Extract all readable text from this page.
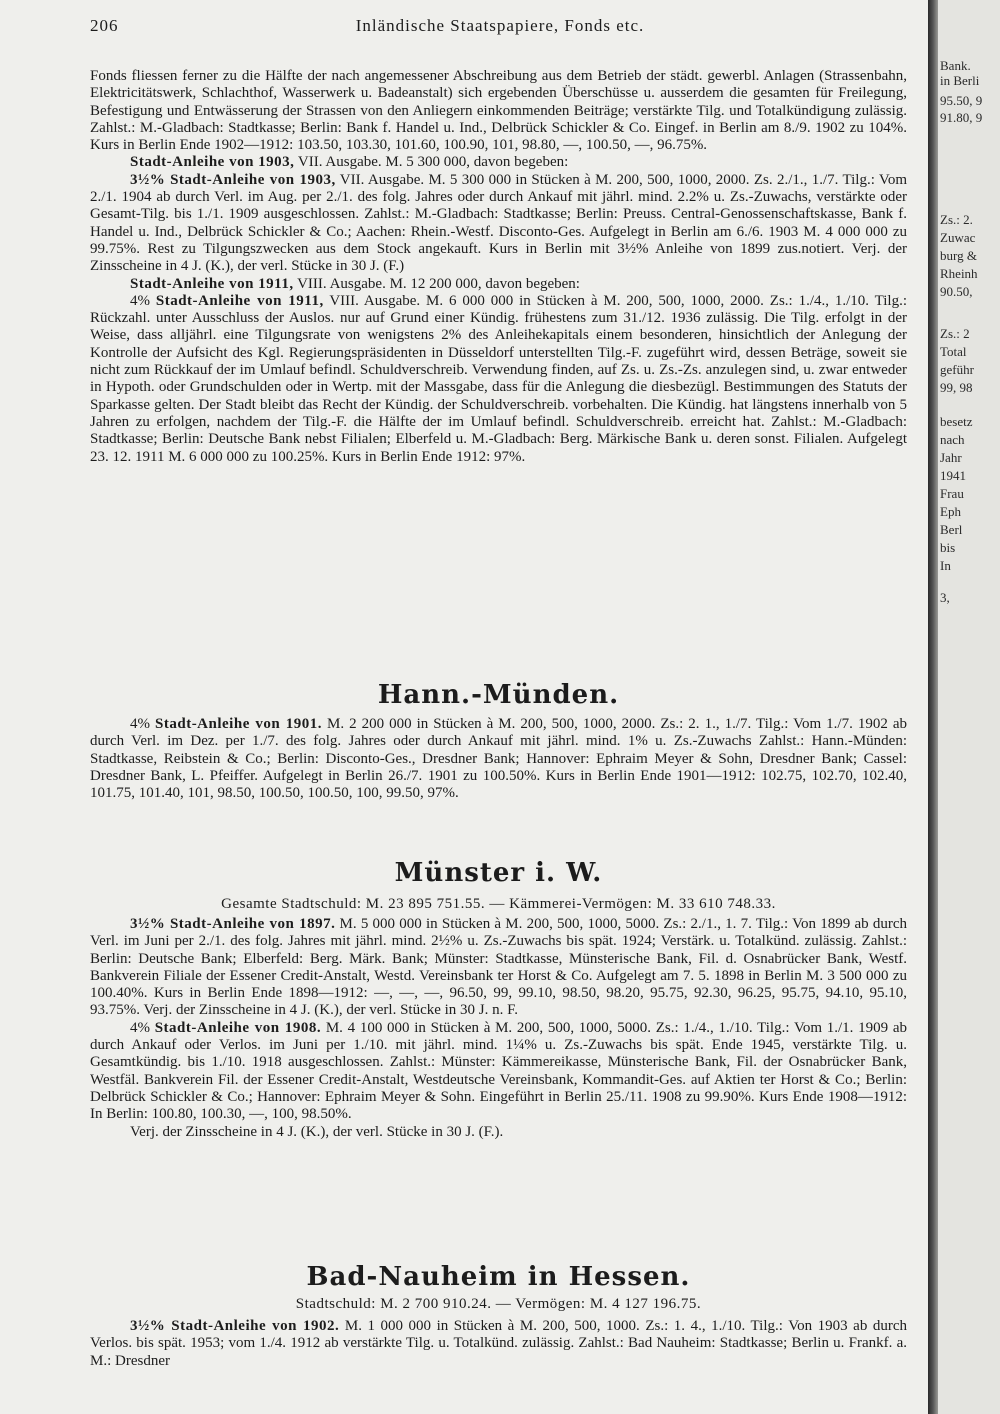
206	Inländische Staatspapiere, Fonds etc.

Fonds fliessen ferner zu die Hälfte der nach angemessener Abschreibung aus dem Betrieb der städt. gewerbl. Anlagen (Strassenbahn, Elektricitätswerk, Schlachthof, Wasserwerk u. Badeanstalt) sich ergebenden Überschüsse u. ausserdem die gesamten für Freilegung, Befestigung und Entwässerung der Strassen von den Anliegern einkommenden Beiträge; verstärkte Tilg. und Totalkündigung zulässig. Zahlst.: M.-Gladbach: Stadtkasse; Berlin: Bank f. Handel u. Ind., Delbrück Schickler & Co. Eingef. in Berlin am 8./9. 1902 zu 104%. Kurs in Berlin Ende 1902—1912: 103.50, 103.30, 101.60, 100.90, 101, 98.80, —, 100.50, —, 96.75%.

Stadt-Anleihe von 1903, VII. Ausgabe. M. 5 300 000, davon begeben:

3½% Stadt-Anleihe von 1903, VII. Ausgabe. M. 5 300 000 in Stücken à M. 200, 500, 1000, 2000. Zs. 2./1., 1./7. Tilg.: Vom 2./1. 1904 ab durch Verl. im Aug. per 2./1. des folg. Jahres oder durch Ankauf mit jährl. mind. 2.2% u. Zs.-Zuwachs, verstärkte oder Gesamt-Tilg. bis 1./1. 1909 ausgeschlossen. Zahlst.: M.-Gladbach: Stadtkasse; Berlin: Preuss. Central-Genossenschaftskasse, Bank f. Handel u. Ind., Delbrück Schickler & Co.; Aachen: Rhein.-Westf. Disconto-Ges. Aufgelegt in Berlin am 6./6. 1903 M. 4 000 000 zu 99.75%. Rest zu Tilgungszwecken aus dem Stock angekauft. Kurs in Berlin mit 3½% Anleihe von 1899 zus.notiert. Verj. der Zinsscheine in 4 J. (K.), der verl. Stücke in 30 J. (F.)

Stadt-Anleihe von 1911, VIII. Ausgabe. M. 12 200 000, davon begeben:

4% Stadt-Anleihe von 1911, VIII. Ausgabe. M. 6 000 000 in Stücken à M. 200, 500, 1000, 2000. Zs.: 1./4., 1./10. Tilg.: Rückzahl. unter Ausschluss der Auslos. nur auf Grund einer Kündig. frühestens zum 31./12. 1936 zulässig. Die Tilg. erfolgt in der Weise, dass alljährl. eine Tilgungsrate von wenigstens 2% des Anleihekapitals einem besonderen, hinsichtlich der Anlegung der Kontrolle der Aufsicht des Kgl. Regierungspräsidenten in Düsseldorf unterstellten Tilg.-F. zugeführt wird, dessen Beträge, soweit sie nicht zum Rückkauf der im Umlauf befindl. Schuldverschreib. Verwendung finden, auf Zs. u. Zs.-Zs. anzulegen sind, u. zwar entweder in Hypoth. oder Grundschulden oder in Wertp. mit der Massgabe, dass für die Anlegung die diesbezügl. Bestimmungen des Statuts der Sparkasse gelten. Der Stadt bleibt das Recht der Kündig. der Schuldverschreib. vorbehalten. Die Kündig. hat längstens innerhalb von 5 Jahren zu erfolgen, nachdem der Tilg.-F. die Hälfte der im Umlauf befindl. Schuldverschreib. erreicht hat. Zahlst.: M.-Gladbach: Stadtkasse; Berlin: Deutsche Bank nebst Filialen; Elberfeld u. M.-Gladbach: Berg. Märkische Bank u. deren sonst. Filialen. Aufgelegt 23. 12. 1911 M. 6 000 000 zu 100.25%. Kurs in Berlin Ende 1912: 97%.

Hann.-Münden.

4% Stadt-Anleihe von 1901. M. 2 200 000 in Stücken à M. 200, 500, 1000, 2000. Zs.: 2. 1., 1./7. Tilg.: Vom 1./7. 1902 ab durch Verl. im Dez. per 1./7. des folg. Jahres oder durch Ankauf mit jährl. mind. 1% u. Zs.-Zuwachs Zahlst.: Hann.-Münden: Stadtkasse, Reibstein & Co.; Berlin: Disconto-Ges., Dresdner Bank; Hannover: Ephraim Meyer & Sohn, Dresdner Bank; Cassel: Dresdner Bank, L. Pfeiffer. Aufgelegt in Berlin 26./7. 1901 zu 100.50%. Kurs in Berlin Ende 1901—1912: 102.75, 102.70, 102.40, 101.75, 101.40, 101, 98.50, 100.50, 100.50, 100, 99.50, 97%.

Münster i. W.
Gesamte Stadtschuld: M. 23 895 751.55. — Kämmerei-Vermögen: M. 33 610 748.33.

3½% Stadt-Anleihe von 1897. M. 5 000 000 in Stücken à M. 200, 500, 1000, 5000. Zs.: 2./1., 1. 7. Tilg.: Von 1899 ab durch Verl. im Juni per 2./1. des folg. Jahres mit jährl. mind. 2½% u. Zs.-Zuwachs bis spät. 1924; Verstärk. u. Totalkünd. zulässig. Zahlst.: Berlin: Deutsche Bank; Elberfeld: Berg. Märk. Bank; Münster: Stadtkasse, Münsterische Bank, Fil. d. Osnabrücker Bank, Westf. Bankverein Filiale der Essener Credit-Anstalt, Westd. Vereinsbank ter Horst & Co. Aufgelegt am 7. 5. 1898 in Berlin M. 3 500 000 zu 100.40%. Kurs in Berlin Ende 1898—1912: —, —, —, 96.50, 99, 99.10, 98.50, 98.20, 95.75, 92.30, 96.25, 95.75, 94.10, 95.10, 93.75%. Verj. der Zinsscheine in 4 J. (K.), der verl. Stücke in 30 J. n. F.

4% Stadt-Anleihe von 1908. M. 4 100 000 in Stücken à M. 200, 500, 1000, 5000. Zs.: 1./4., 1./10. Tilg.: Vom 1./1. 1909 ab durch Ankauf oder Verlos. im Juni per 1./10. mit jährl. mind. 1¼% u. Zs.-Zuwachs bis spät. Ende 1945, verstärkte Tilg. u. Gesamtkündig. bis 1./10. 1918 ausgeschlossen. Zahlst.: Münster: Kämmereikasse, Münsterische Bank, Fil. der Osnabrücker Bank, Westfäl. Bankverein Fil. der Essener Credit-Anstalt, Westdeutsche Vereinsbank, Kommandit-Ges. auf Aktien ter Horst & Co.; Berlin: Delbrück Schickler & Co.; Hannover: Ephraim Meyer & Sohn. Eingeführt in Berlin 25./11. 1908 zu 99.90%. Kurs Ende 1908—1912: In Berlin: 100.80, 100.30, —, 100, 98.50%.

Verj. der Zinsscheine in 4 J. (K.), der verl. Stücke in 30 J. (F.).

Bad-Nauheim in Hessen.
Stadtschuld: M. 2 700 910.24. — Vermögen: M. 4 127 196.75.

3½% Stadt-Anleihe von 1902. M. 1 000 000 in Stücken à M. 200, 500, 1000. Zs.: 1. 4., 1./10. Tilg.: Von 1903 ab durch Verlos. bis spät. 1953; vom 1./4. 1912 ab verstärkte Tilg. u. Totalkünd. zulässig. Zahlst.: Bad Nauheim: Stadtkasse; Berlin u. Frankf. a. M.: Dresdner

Bank.
in Berli
95.50, 9
91.80, 9
Zs.: 2.
Zuwac
burg &
Rheinh
90.50,
Zs.: 2
Total
geführ
99, 98
besetz
nach
Jahr
1941
Frau
Eph
Berl
bis
In
3,
